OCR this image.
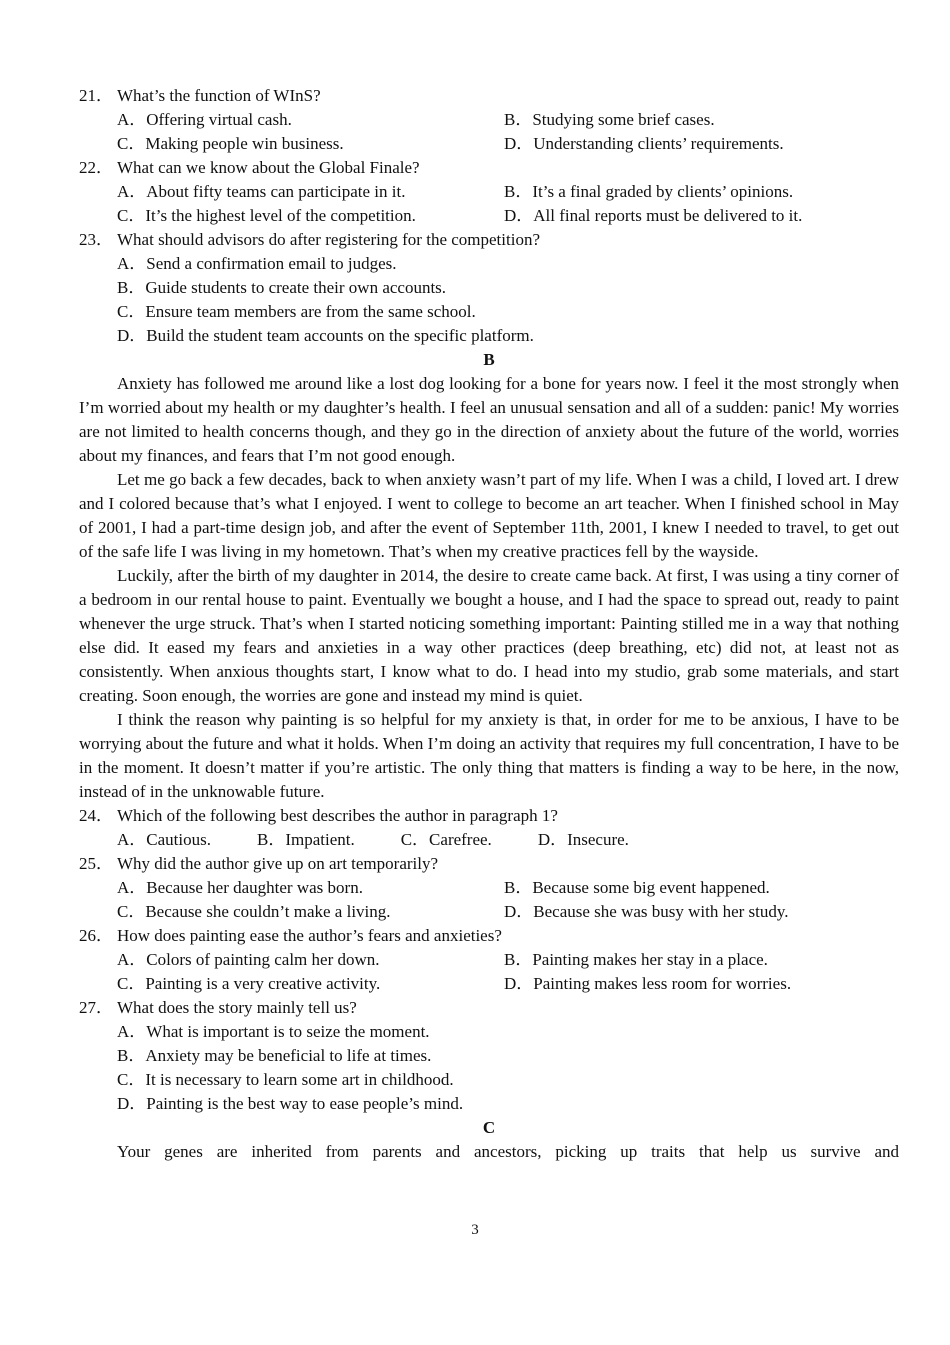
21． What’s the function of WInS?
A．Offering virtual cash.	B．Studying some brief cases.
C．Making people win business.	D．Understanding clients’ requirements.
22． What can we know about the Global Finale?
A．About fifty teams can participate in it.	B．It’s a final graded by clients’ opinions.
C．It’s the highest level of the competition.	D．All final reports must be delivered to it.
23． What should advisors do after registering for the competition?
A．Send a confirmation email to judges.
B．Guide students to create their own accounts.
C．Ensure team members are from the same school.
D．Build the student team accounts on the specific platform.
B

Anxiety has followed me around like a lost dog looking for a bone for years now. I feel it the most strongly when I’m worried about my health or my daughter’s health. I feel an unusual sensation and all of a sudden: panic! My worries are not limited to health concerns though, and they go in the direction of anxiety about the future of the world, worries about my finances, and fears that I’m not good enough.

Let me go back a few decades, back to when anxiety wasn’t part of my life. When I was a child, I loved art. I drew and I colored because that’s what I enjoyed. I went to college to become an art teacher. When I finished school in May of 2001, I had a part-time design job, and after the event of September 11th, 2001, I knew I needed to travel, to get out of the safe life I was living in my hometown. That’s when my creative practices fell by the wayside.

Luckily, after the birth of my daughter in 2014, the desire to create came back. At first, I was using a tiny corner of a bedroom in our rental house to paint. Eventually we bought a house, and I had the space to spread out, ready to paint whenever the urge struck. That’s when I started noticing something important: Painting stilled me in a way that nothing else did. It eased my fears and anxieties in a way other practices (deep breathing, etc) did not, at least not as consistently. When anxious thoughts start, I know what to do. I head into my studio, grab some materials, and start creating. Soon enough, the worries are gone and instead my mind is quiet.

I think the reason why painting is so helpful for my anxiety is that, in order for me to be anxious, I have to be worrying about the future and what it holds. When I’m doing an activity that requires my full concentration, I have to be in the moment. It doesn’t matter if you’re artistic. The only thing that matters is finding a way to be here, in the now, instead of in the unknowable future.

24． Which of the following best describes the author in paragraph 1?
A．Cautious.	B．Impatient.	C．Carefree.	D．Insecure.
25． Why did the author give up on art temporarily?
A．Because her daughter was born.	B．Because some big event happened.
C．Because she couldn’t make a living.	D．Because she was busy with her study.
26． How does painting ease the author’s fears and anxieties?
A．Colors of painting calm her down.	B．Painting makes her stay in a place.
C．Painting is a very creative activity.	D．Painting makes less room for worries.
27． What does the story mainly tell us?
A．What is important is to seize the moment.
B．Anxiety may be beneficial to life at times.
C．It is necessary to learn some art in childhood.
D．Painting is the best way to ease people’s mind.
C

Your genes are inherited from parents and ancestors, picking up traits that help us survive and

3
